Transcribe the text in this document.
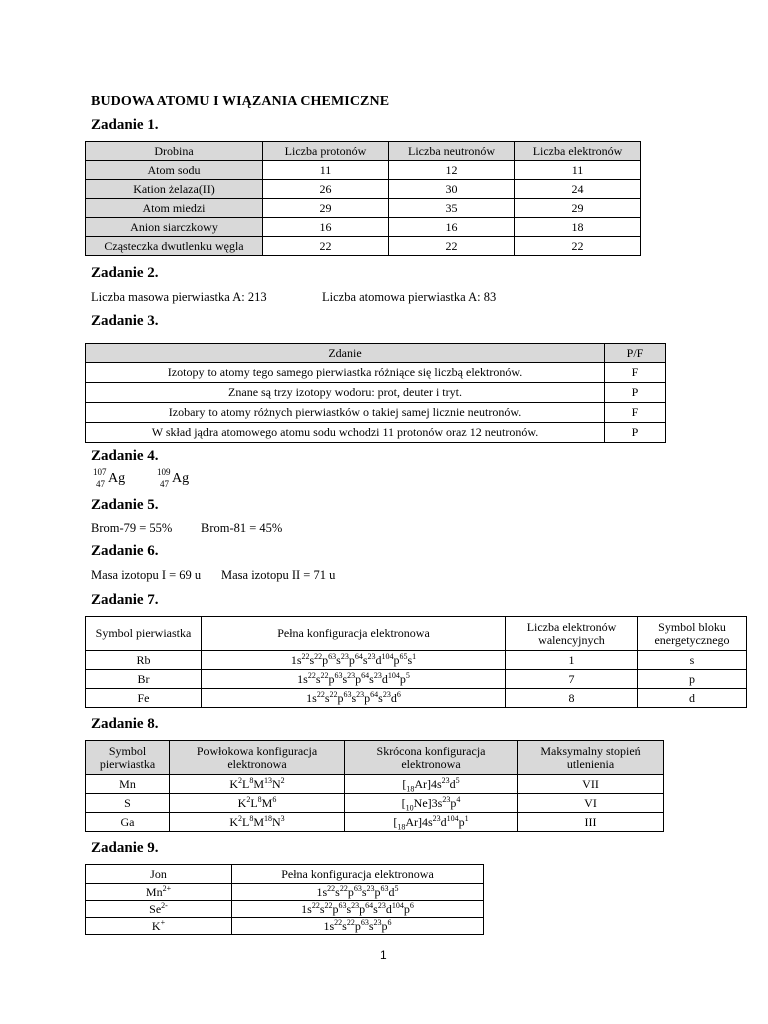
BUDOWA ATOMU I WIĄZANIA CHEMICZNE
Zadanie 1.
Drobina	Liczba protonów	Liczba neutronów	Liczba elektronów
Atom sodu	11	12	11
Kation żelaza(II)	26	30	24
Atom miedzi	29	35	29
Anion siarczkowy	16	16	18
Cząsteczka dwutlenku węgla	22	22	22
Zadanie 2.
Liczba masowa pierwiastka A: 213	Liczba atomowa pierwiastka A: 83
Zadanie 3.
Zdanie	P/F
Izotopy to atomy tego samego pierwiastka różniące się liczbą elektronów.	F
Znane są trzy izotopy wodoru: prot, deuter i tryt.	P
Izobary to atomy różnych pierwiastków o takiej samej licznie neutronów.	F
W skład jądra atomowego atomu sodu wchodzi 11 protonów oraz 12 neutronów.	P
Zadanie 4.
107
47 Ag	109
47 Ag
Zadanie 5.
Brom-79 = 55% Brom-81 = 45%
Zadanie 6.
Masa izotopu I = 69 u Masa izotopu II = 71 u
Zadanie 7.
Symbol pierwiastka	Pełna konfiguracja elektronowa	Liczba elektronów walencyjnych	Symbol bloku energetycznego
Rb	$1s^{22}s^{22}p^{63}s^{23}p^{64}s^{23}d^{104}p^{65}s^1$	1	s
Br	$1s^{22}s^{22}p^{63}s^{23}p^{64}s^{23}d^{104}p^5$	7	p
Fe	$1s^{22}s^{22}p^{63}s^{23}p^{64}s^{23}d^6$	8	d
Zadanie 8.
Symbol pierwiastka	Powłokowa konfiguracja elektronowa	Skrócona konfiguracja elektronowa	Maksymalny stopień utlenienia
Mn	$K^2L^8M^{13}N^2$	$[_{18}Ar]4s^{23}d^5$	VII
S	$K^2L^8M^6$	$[_{10}Ne]3s^{23}p^4$	VI
Ga	$K^2L^8M^{18}N^3$	$[_{18}Ar]4s^{23}d^{104}p^1$	III
Zadanie 9.
Jon	Pełna konfiguracja elektronowa
$Mn^{2+}$	$1s^{22}s^{22}p^{63}s^{23}p^{63}d^5$
$Se^{2-}$	$1s^{22}s^{22}p^{63}s^{23}p^{64}s^{23}d^{104}p^6$
K+	$1s^{22}s^{22}p^{63}s^{23}p^6$
1
